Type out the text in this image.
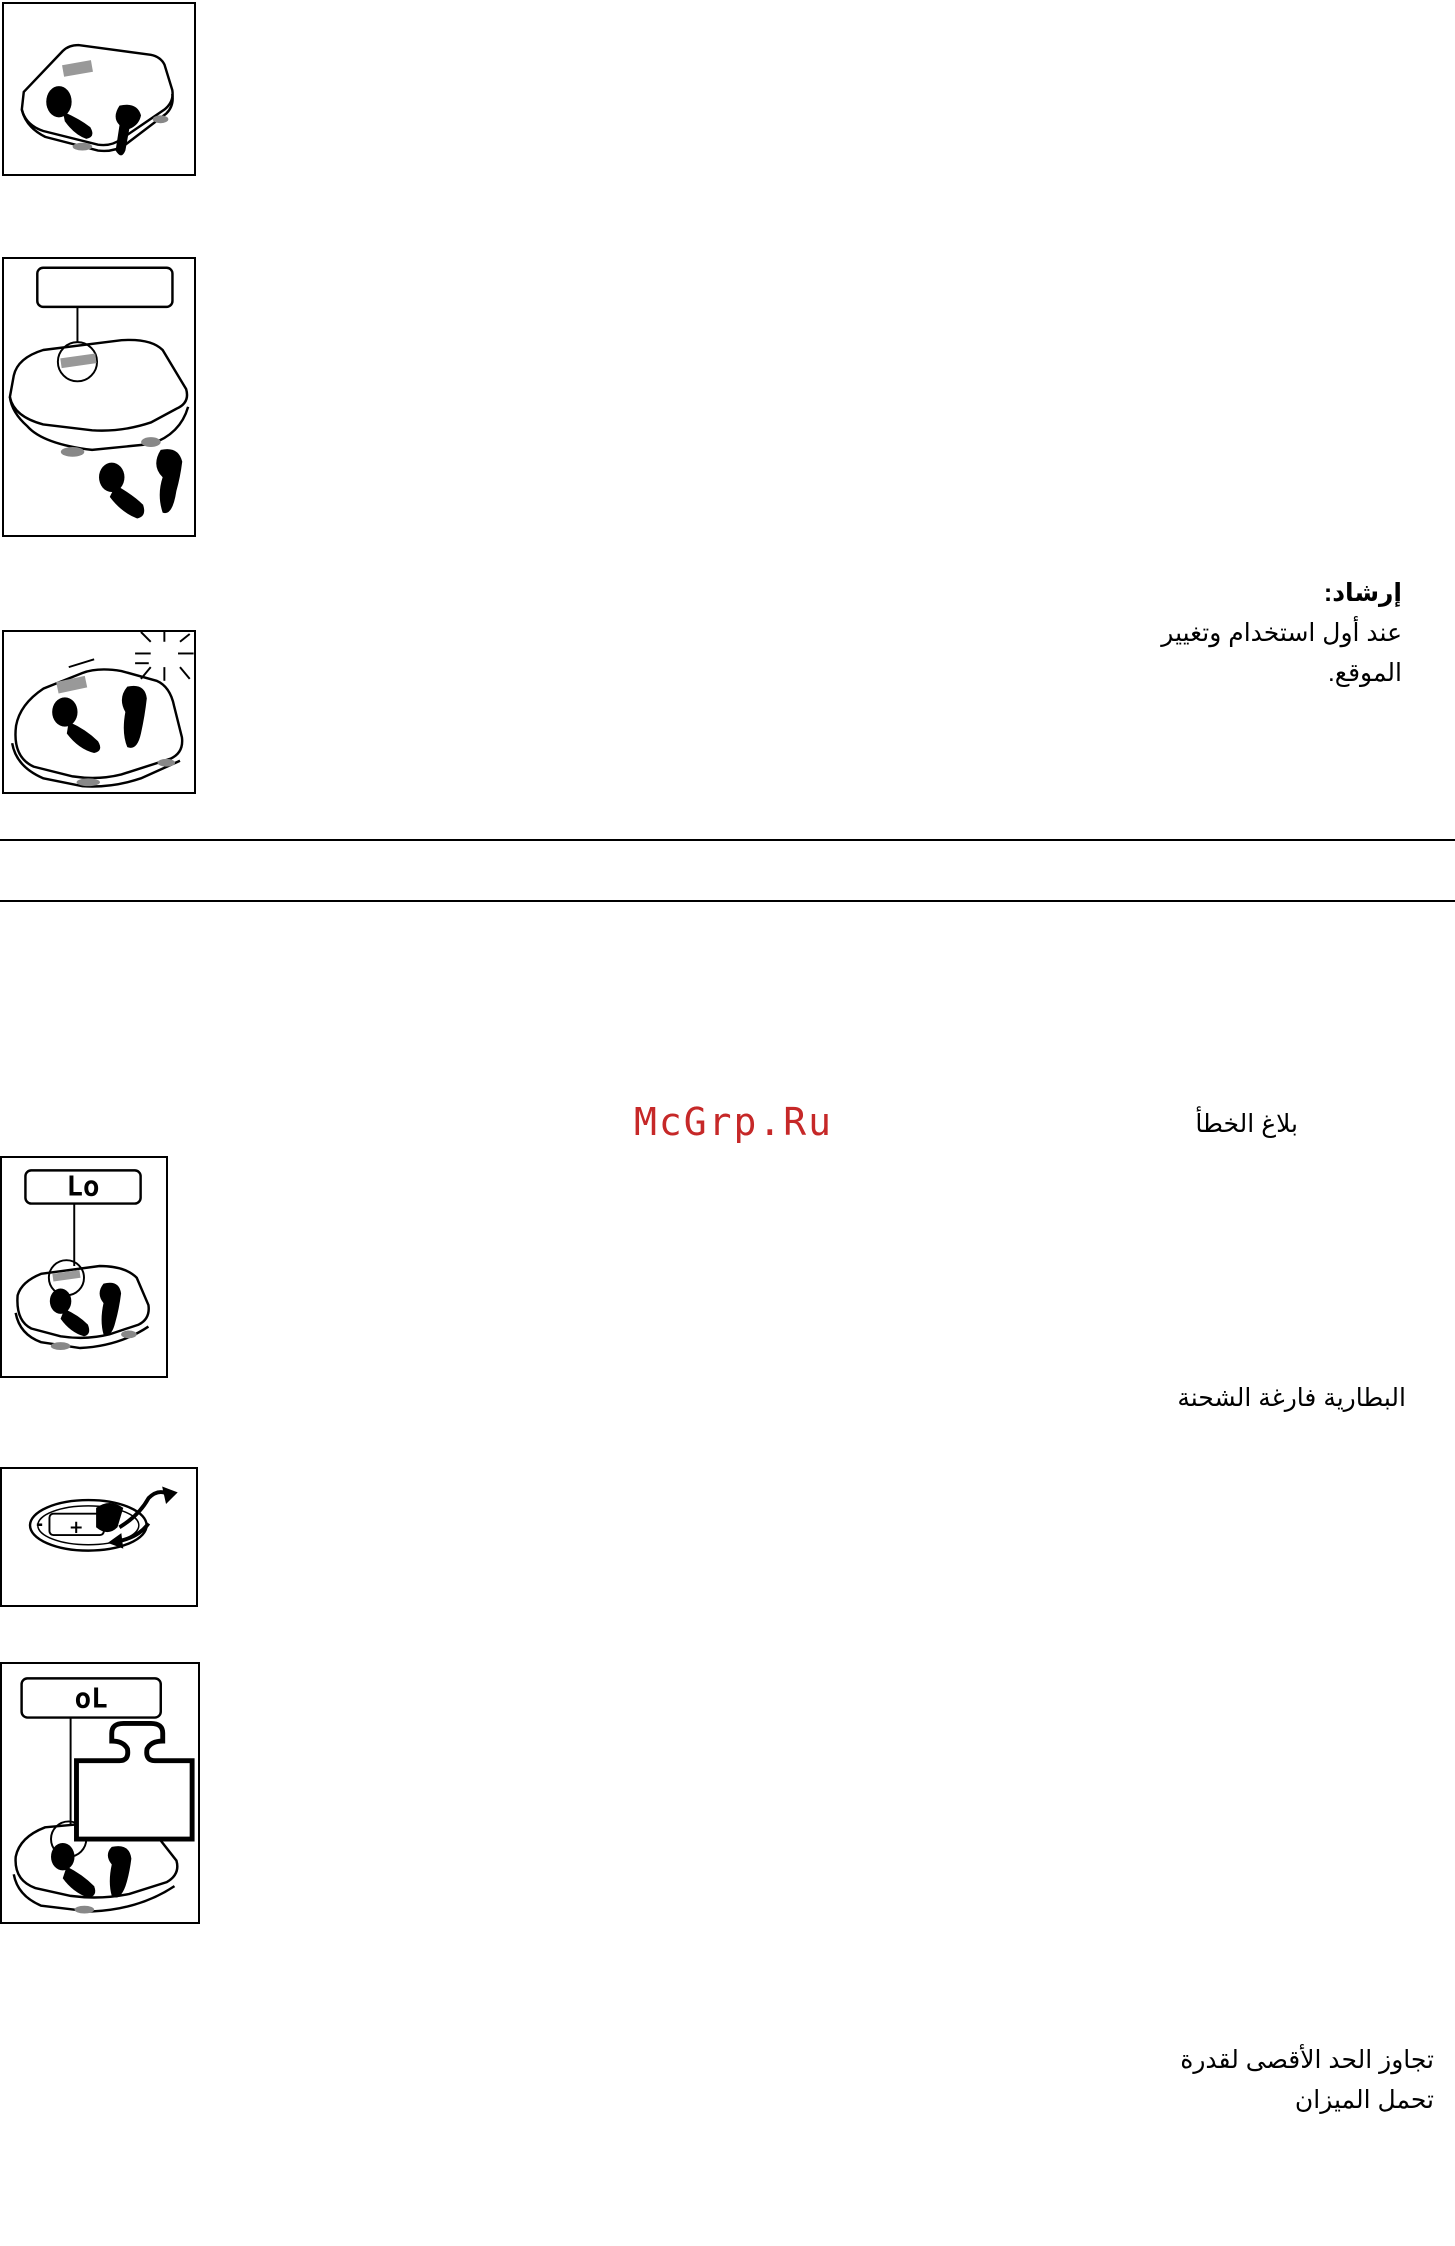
إرشاد:
عند أول استخدام وتغيير
الموقع.
McGrp.Ru	بلاغ الخطأ
Lo
البطارية فارغة الشحنة
- +
oL
تجاوز الحد الأقصى لقدرة
تحمل الميزان
